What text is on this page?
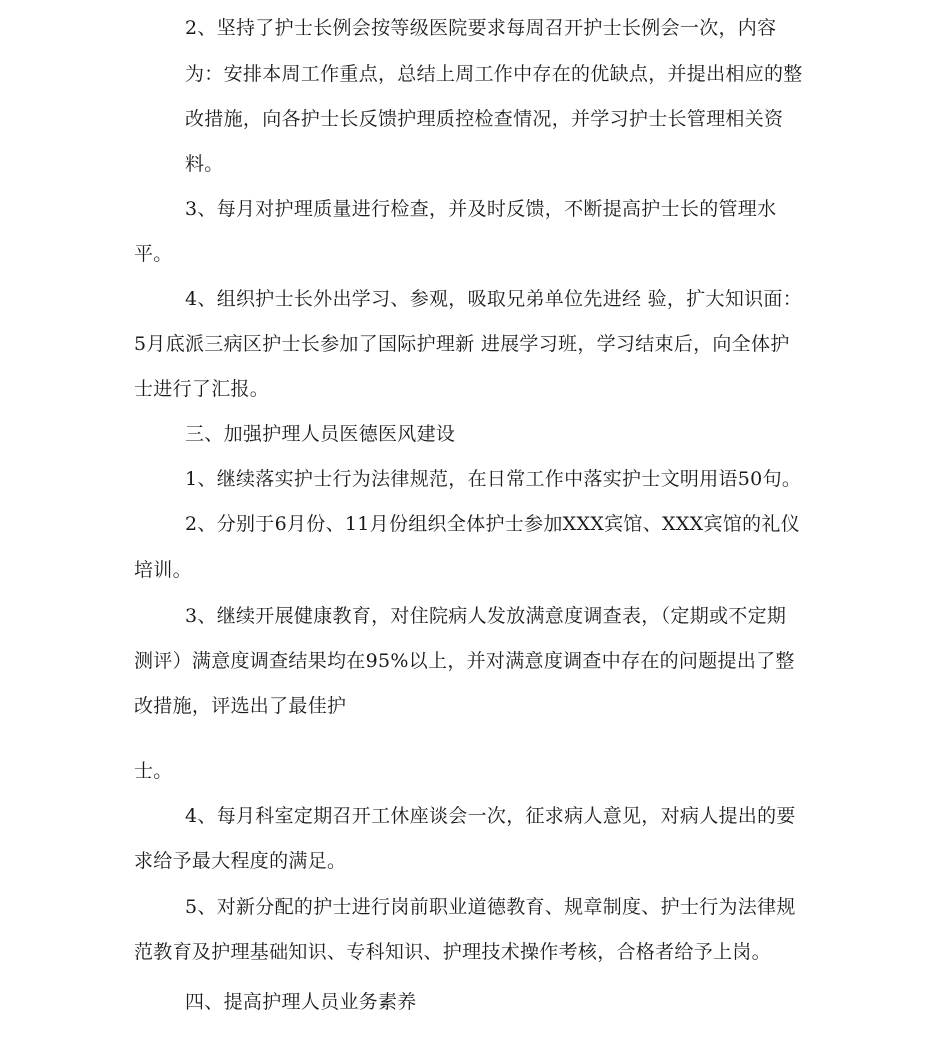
2、坚持了护士长例会按等级医院要求每周召开护士长例会一次，内容
为：安排本周工作重点，总结上周工作中存在的优缺点，并提出相应的整
改措施，向各护士长反馈护理质控检查情况，并学习护士长管理相关资
料。
3、每月对护理质量进行检查，并及时反馈，不断提高护士长的管理水
平。
4、组织护士长外出学习、参观，吸取兄弟单位先进经 验，扩大知识面：
5月底派三病区护士长参加了国际护理新 进展学习班，学习结束后，向全体护
士进行了汇报。
三、加强护理人员医德医风建设
1、继续落实护士行为法律规范，在日常工作中落实护士文明用语50句。
2、分别于6月份、11月份组织全体护士参加XXX宾馆、XXX宾馆的礼仪
培训。
3、继续开展健康教育，对住院病人发放满意度调查表，（定期或不定期
测评）满意度调查结果均在95%以上，并对满意度调查中存在的问题提出了整
改措施，评选出了最佳护
士。
4、每月科室定期召开工休座谈会一次，征求病人意见，对病人提出的要
求给予最大程度的满足。
5、对新分配的护士进行岗前职业道德教育、规章制度、护士行为法律规
范教育及护理基础知识、专科知识、护理技术操作考核，合格者给予上岗。
四、提高护理人员业务素养
